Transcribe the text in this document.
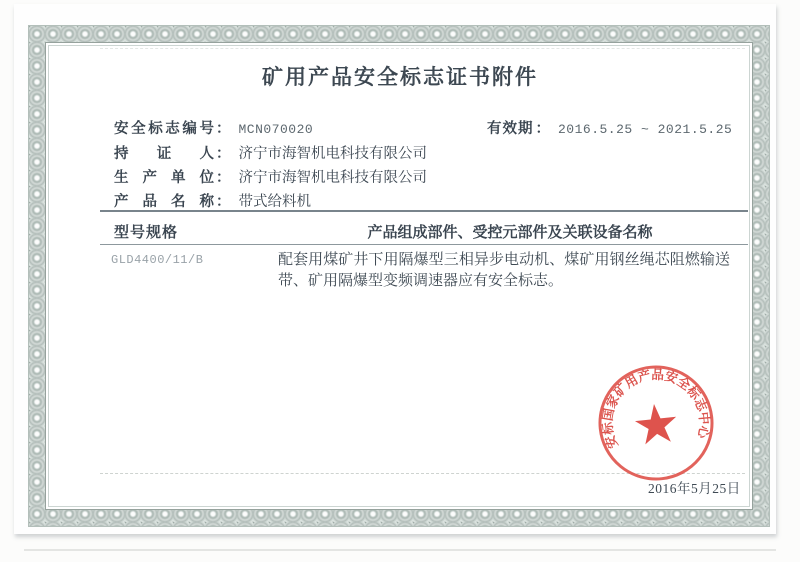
矿用产品安全标志证书附件
安全标志编号 ： MCN070020	有效期 ： 2016.5.25 ~ 2021.5.25
持证人 ： 济宁市海智机电科技有限公司
生产单位 ： 济宁市海智机电科技有限公司
产品名称 ： 带式给料机
型号规格	产品组成部件、受控元部件及关联设备名称
GLD4400/11/B	配套用煤矿井下用隔爆型三相异步电动机、煤矿用钢丝绳芯阻燃输送带、矿用隔爆型变频调速器应有安全标志。
安标国家矿用产品安全标志中心
★
2016年5月25日
